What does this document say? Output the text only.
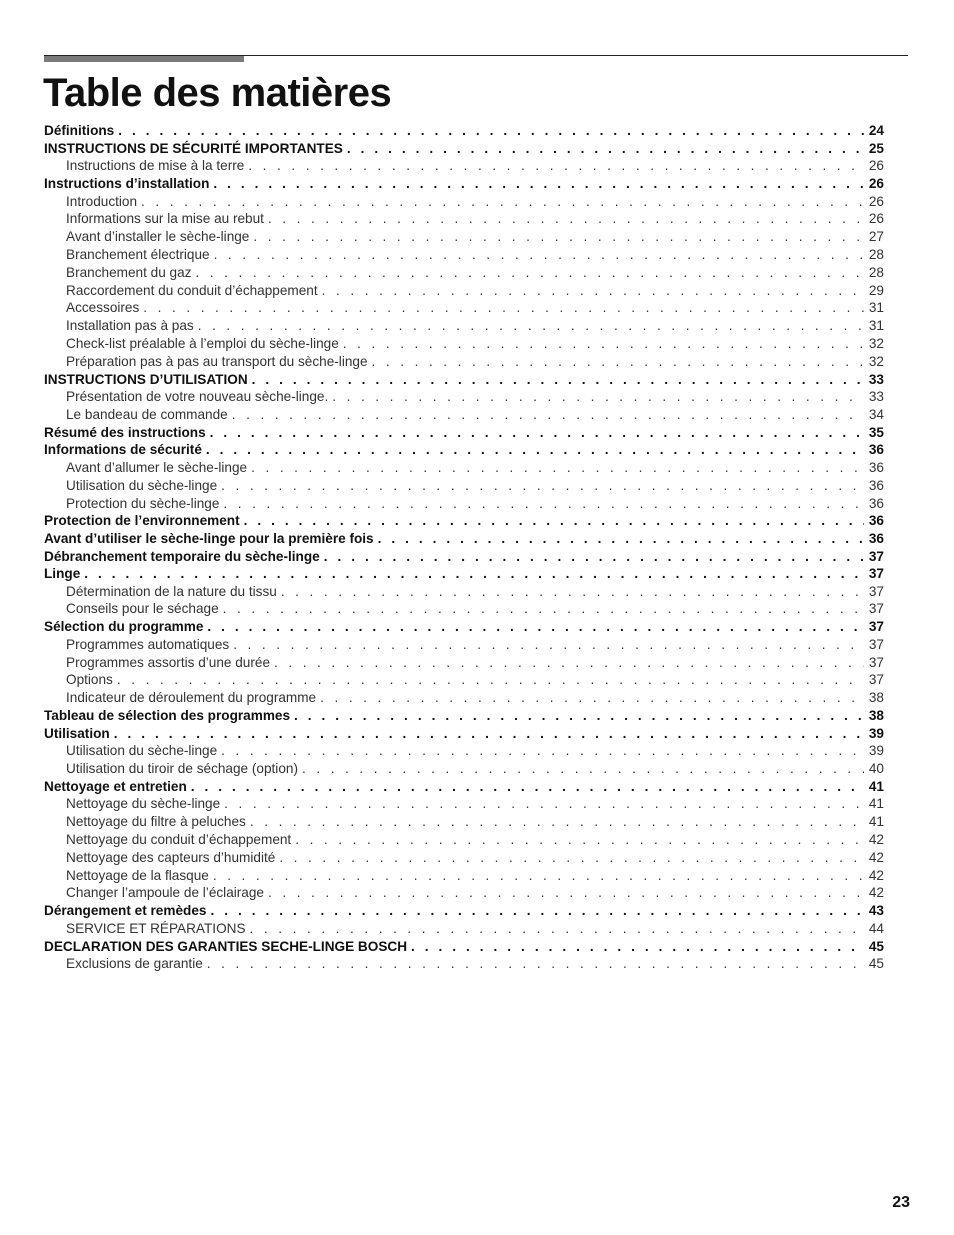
Table des matières
Définitions . . .	24
INSTRUCTIONS DE SÉCURITÉ IMPORTANTES . . .	25
Instructions de mise à la terre . . .	26
Instructions d’installation . . .	26
Introduction . . .	26
Informations sur la mise au rebut . . .	26
Avant d’installer le sèche-linge . . .	27
Branchement électrique . . .	28
Branchement du gaz . . .	28
Raccordement du conduit d’échappement . . .	29
Accessoires . . .	31
Installation pas à pas . . .	31
Check-list préalable à l’emploi du sèche-linge . . .	32
Préparation pas à pas au transport du sèche-linge . . .	32
INSTRUCTIONS D’UTILISATION . . .	33
Présentation de votre nouveau sèche-linge. . . .	33
Le bandeau de commande . . .	34
Résumé des instructions . . .	35
Informations de sécurité . . .	36
Avant d’allumer le sèche-linge . . .	36
Utilisation du sèche-linge . . .	36
Protection du sèche-linge . . .	36
Protection de l’environnement . . .	36
Avant d’utiliser le sèche-linge pour la première fois . . .	36
Débranchement temporaire du sèche-linge . . .	37
Linge . . .	37
Détermination de la nature du tissu . . .	37
Conseils pour le séchage . . .	37
Sélection du programme . . .	37
Programmes automatiques . . .	37
Programmes assortis d’une durée . . .	37
Options . . .	37
Indicateur de déroulement du programme . . .	38
Tableau de sélection des programmes . . .	38
Utilisation . . .	39
Utilisation du sèche-linge . . .	39
Utilisation du tiroir de séchage (option) . . .	40
Nettoyage et entretien . . .	41
Nettoyage du sèche-linge . . .	41
Nettoyage du filtre à peluches . . .	41
Nettoyage du conduit d’échappement . . .	42
Nettoyage des capteurs d’humidité . . .	42
Nettoyage de la flasque . . .	42
Changer l’ampoule de l’éclairage . . .	42
Dérangement et remèdes . . .	43
SERVICE ET RÉPARATIONS . . .	44
DECLARATION DES GARANTIES SECHE-LINGE BOSCH . . .	45
Exclusions de garantie . . .	45
23
